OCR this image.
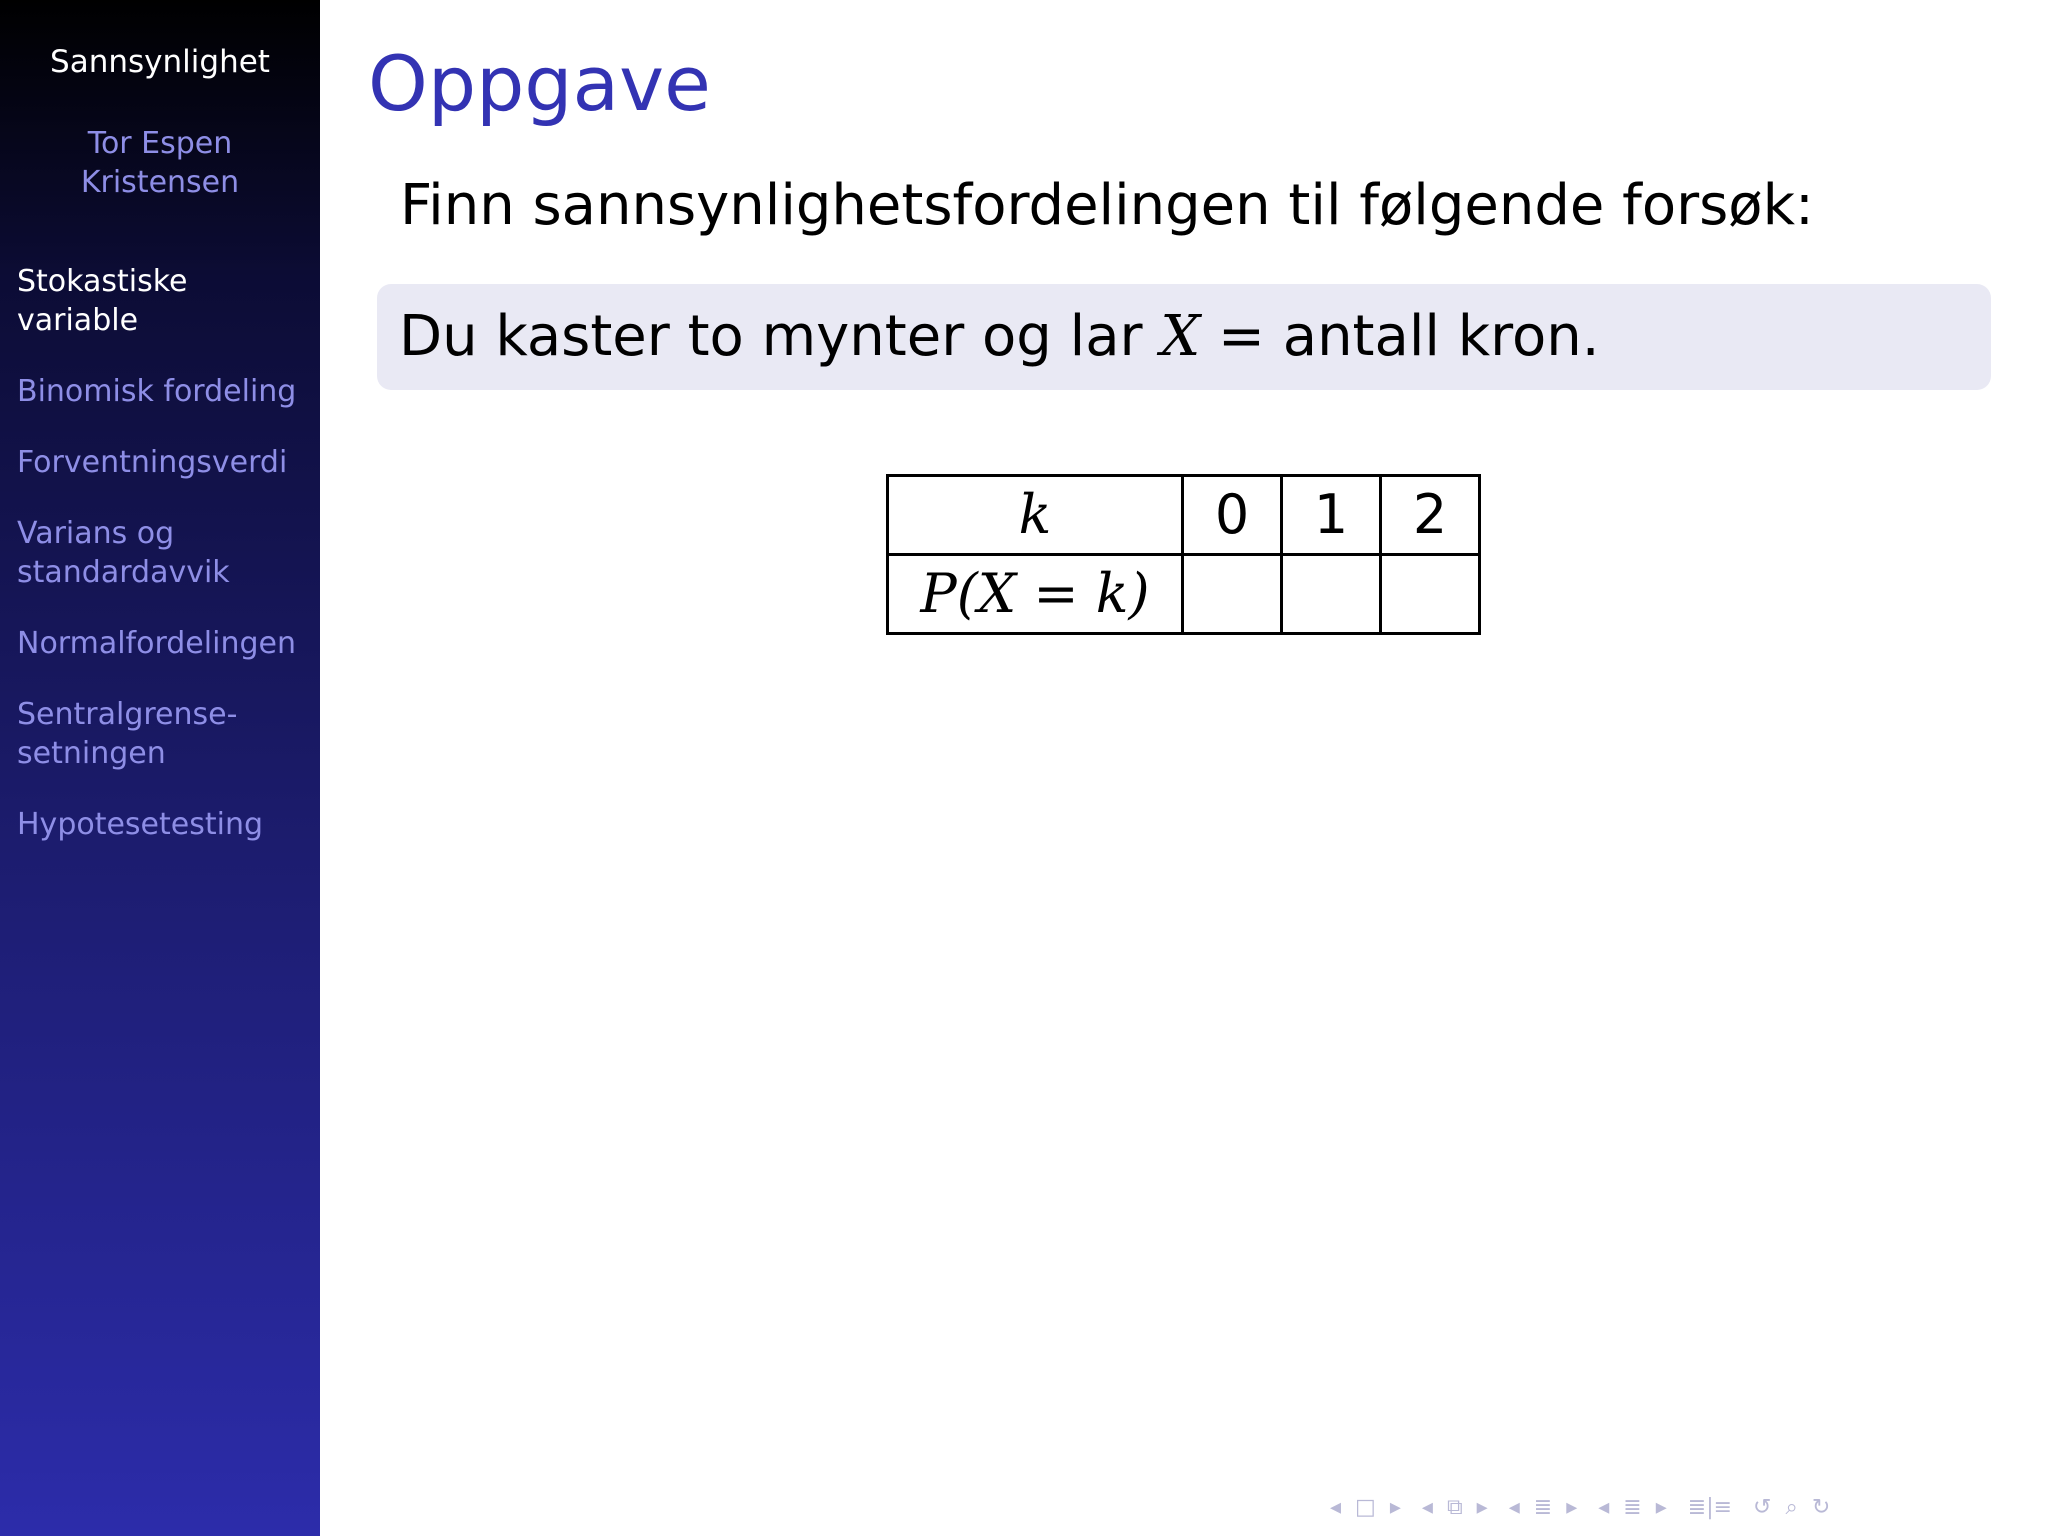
Sannsynlighet
Tor Espen
Kristensen
Stokastiske variable
Binomisk fordeling
Forventningsverdi
Varians og
standardavvik
Normalfordelingen
Sentralgrense-
setningen
Hypotesetesting
Oppgave
Finn sannsynlighetsfordelingen til følgende forsøk:
Du kaster to mynter og lar X = antall kron.
k	0	1	2
P(X = k)			
◂ □ ▸ ◂ ⧉ ▸ ◂ ≣ ▸ ◂ ≣ ▸ ≣|≡ ↺ ⌕ ↻
